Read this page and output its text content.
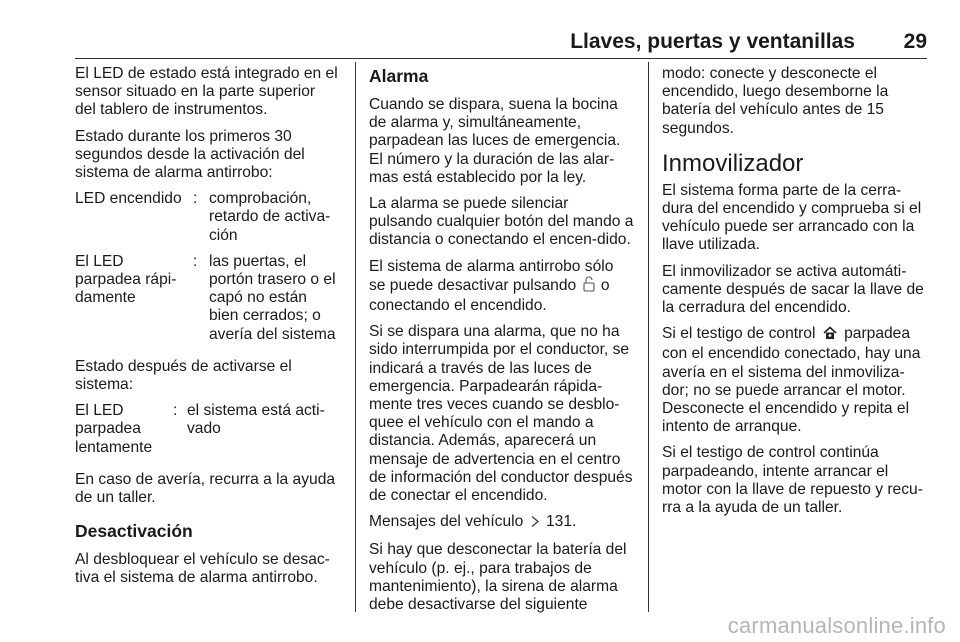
Llaves, puertas y ventanillas 29

El LED de estado está integrado en el sensor situado en la parte superior del tablero de instrumentos.

Estado durante los primeros 30 segundos desde la activación del sistema de alarma antirrobo:

LED encendido : comprobación, retardo de activa-ción
El LED parpadea rápi-damente
: las puertas, el portón trasero o el capó no están bien cerrados; o avería del sistema

Estado después de activarse el sistema:

El LED parpadea lentamente
: el sistema está acti-vado

En caso de avería, recurra a la ayuda de un taller.

Desactivación

Al desbloquear el vehículo se desac-tiva el sistema de alarma antirrobo.

Alarma

Cuando se dispara, suena la bocina de alarma y, simultáneamente, parpadean las luces de emergencia. El número y la duración de las alar-mas está establecido por la ley.

La alarma se puede silenciar pulsando cualquier botón del mando a distancia o conectando el encen-dido.

El sistema de alarma antirrobo sólo se puede desactivar pulsando o conectando el encendido.

Si se dispara una alarma, que no ha sido interrumpida por el conductor, se indicará a través de las luces de emergencia. Parpadearán rápida-mente tres veces cuando se desblo-quee el vehículo con el mando a distancia. Además, aparecerá un mensaje de advertencia en el centro de información del conductor después de conectar el encendido.

Mensajes del vehículo 131.

Si hay que desconectar la batería del vehículo (p. ej., para trabajos de mantenimiento), la sirena de alarma debe desactivarse del siguiente

modo: conecte y desconecte el encendido, luego desemborne la batería del vehículo antes de 15 segundos.

Inmovilizador

El sistema forma parte de la cerra-dura del encendido y comprueba si el vehículo puede ser arrancado con la llave utilizada.

El inmovilizador se activa automáti-camente después de sacar la llave de la cerradura del encendido.

Si el testigo de control parpadea con el encendido conectado, hay una avería en el sistema del inmoviliza-dor; no se puede arrancar el motor. Desconecte el encendido y repita el intento de arranque.

Si el testigo de control continúa parpadeando, intente arrancar el motor con la llave de repuesto y recu-rra a la ayuda de un taller.

carmanualsonline.info
